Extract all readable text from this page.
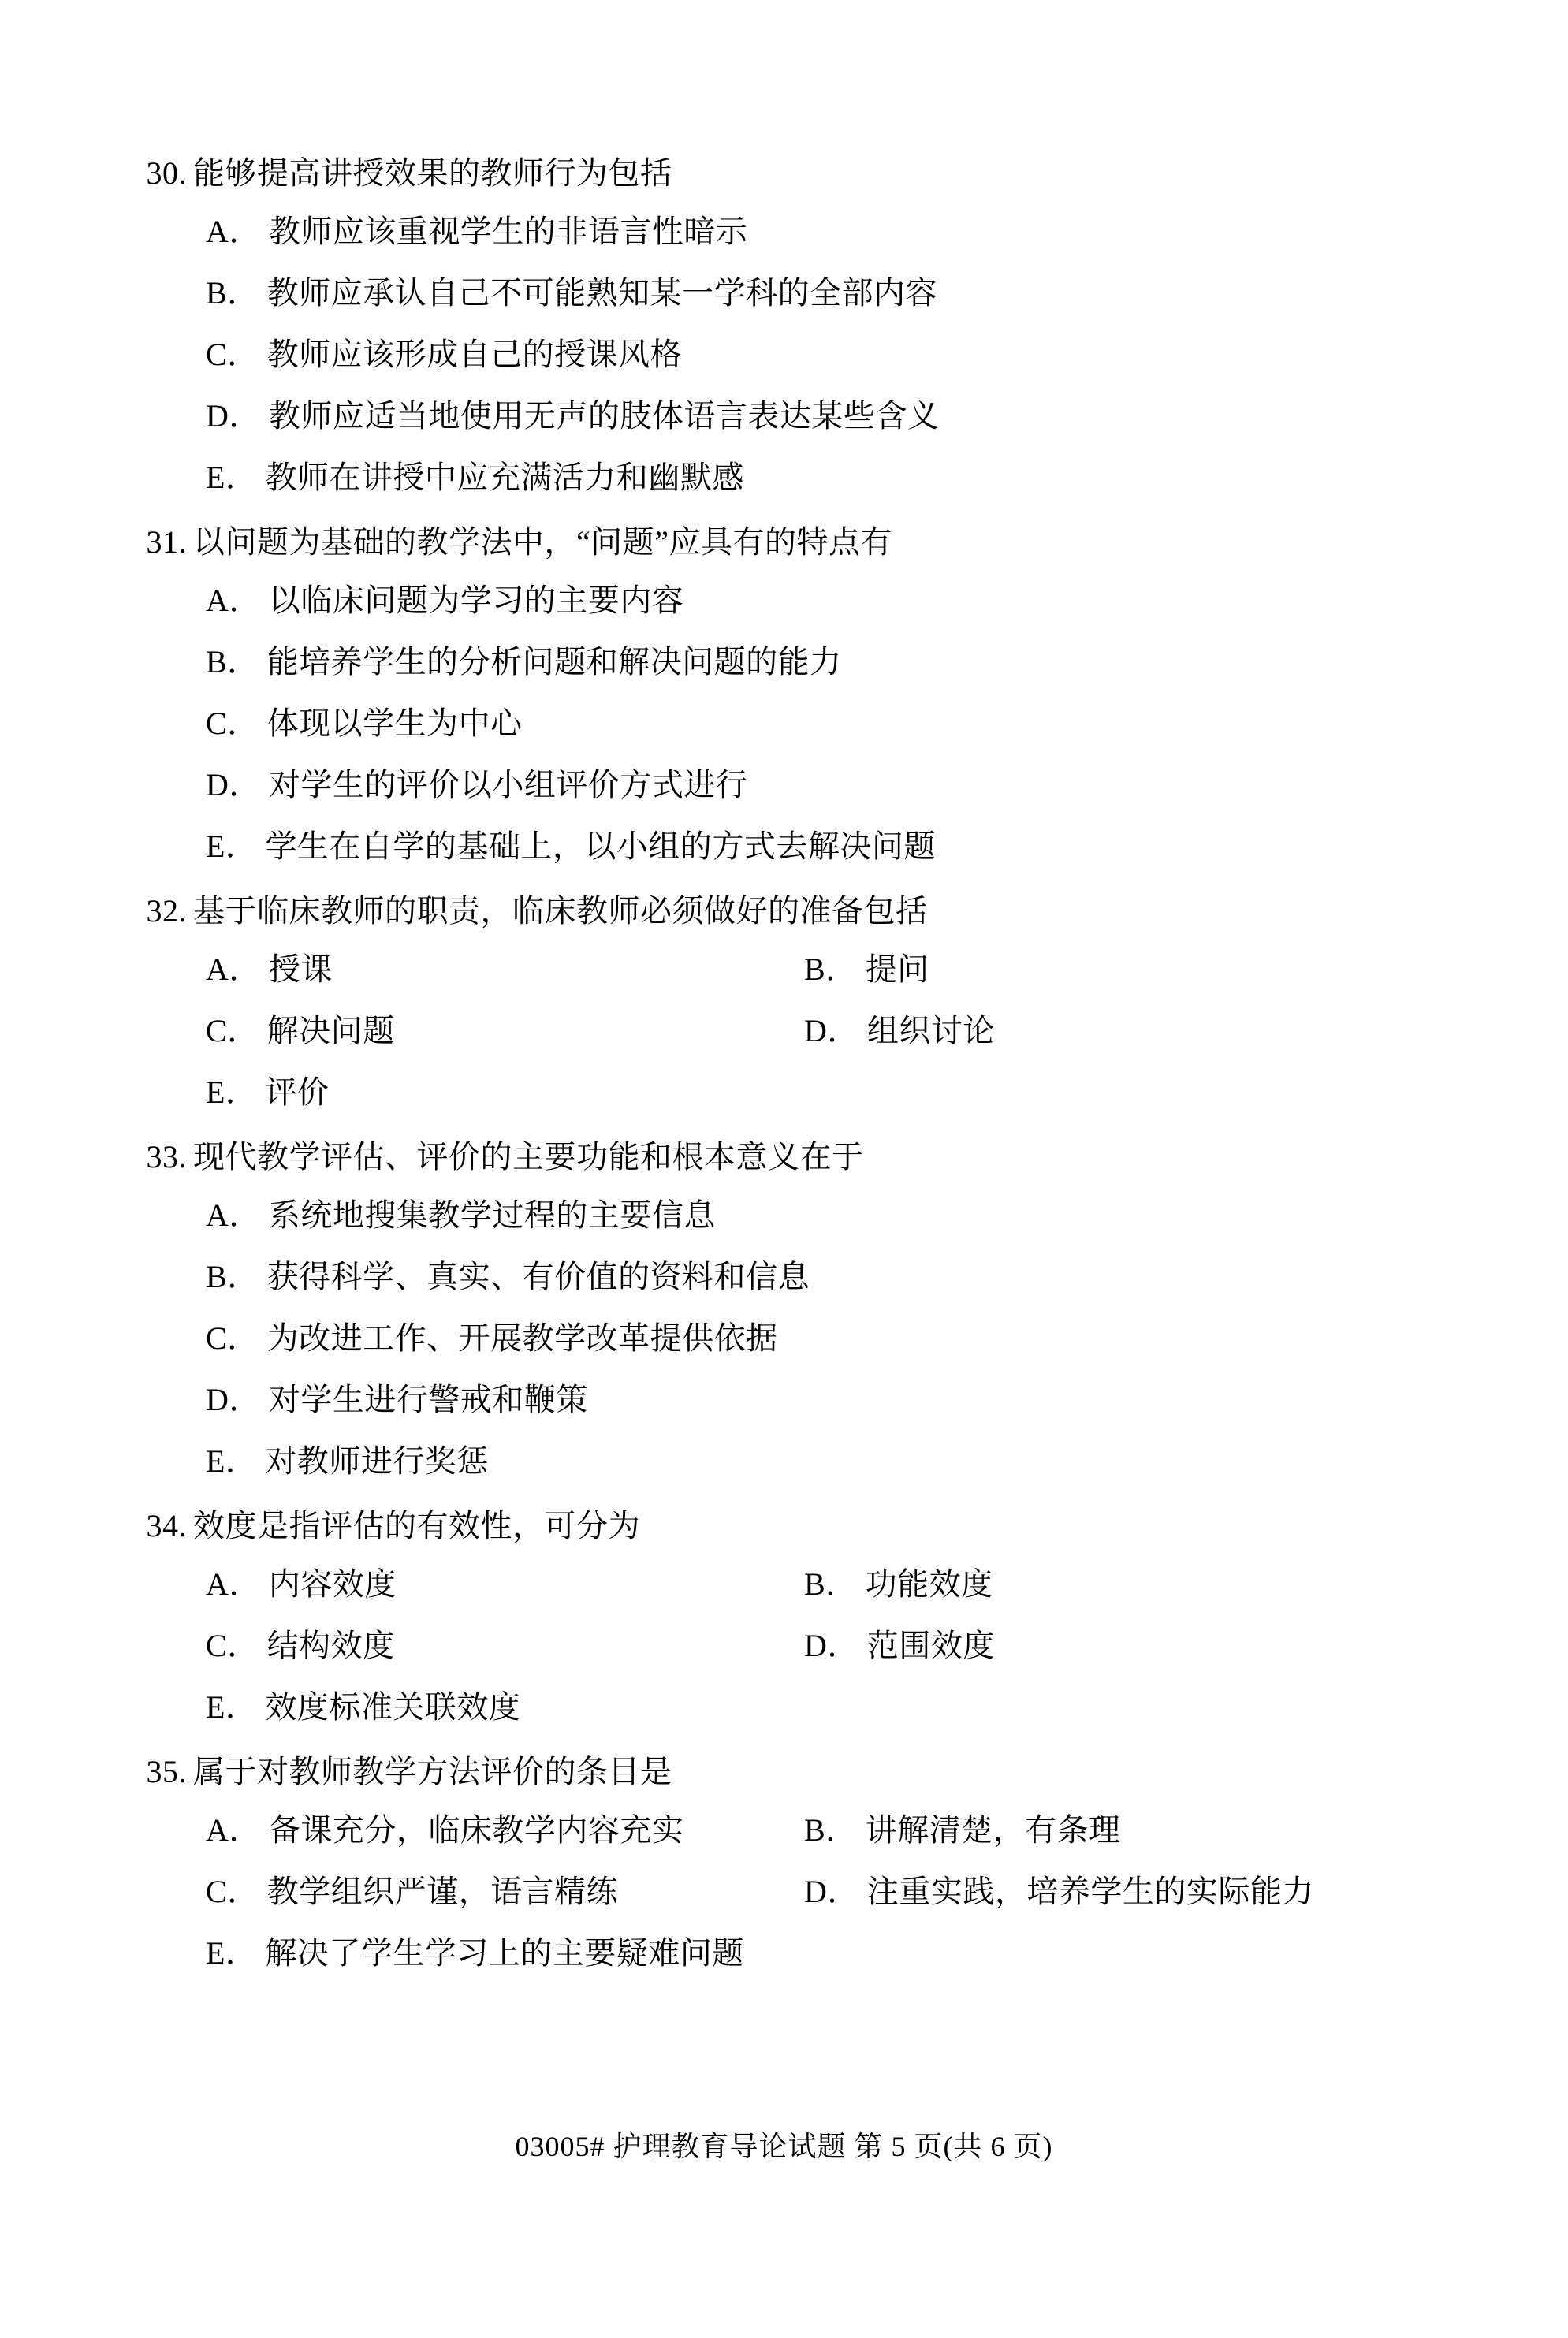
30. 能够提高讲授效果的教师行为包括
A． 教师应该重视学生的非语言性暗示
B． 教师应承认自己不可能熟知某一学科的全部内容
C． 教师应该形成自己的授课风格
D． 教师应适当地使用无声的肢体语言表达某些含义
E． 教师在讲授中应充满活力和幽默感
31. 以问题为基础的教学法中，“问题”应具有的特点有
A． 以临床问题为学习的主要内容
B． 能培养学生的分析问题和解决问题的能力
C． 体现以学生为中心
D． 对学生的评价以小组评价方式进行
E． 学生在自学的基础上，以小组的方式去解决问题
32. 基于临床教师的职责，临床教师必须做好的准备包括
A． 授课	B． 提问
C． 解决问题	D． 组织讨论
E． 评价
33. 现代教学评估、评价的主要功能和根本意义在于
A． 系统地搜集教学过程的主要信息
B． 获得科学、真实、有价值的资料和信息
C． 为改进工作、开展教学改革提供依据
D． 对学生进行警戒和鞭策
E． 对教师进行奖惩
34. 效度是指评估的有效性，可分为
A． 内容效度	B． 功能效度
C． 结构效度	D． 范围效度
E． 效度标准关联效度
35. 属于对教师教学方法评价的条目是
A． 备课充分，临床教学内容充实	B． 讲解清楚，有条理
C． 教学组织严谨，语言精练	D． 注重实践，培养学生的实际能力
E． 解决了学生学习上的主要疑难问题
03005# 护理教育导论试题 第 5 页(共 6 页)
